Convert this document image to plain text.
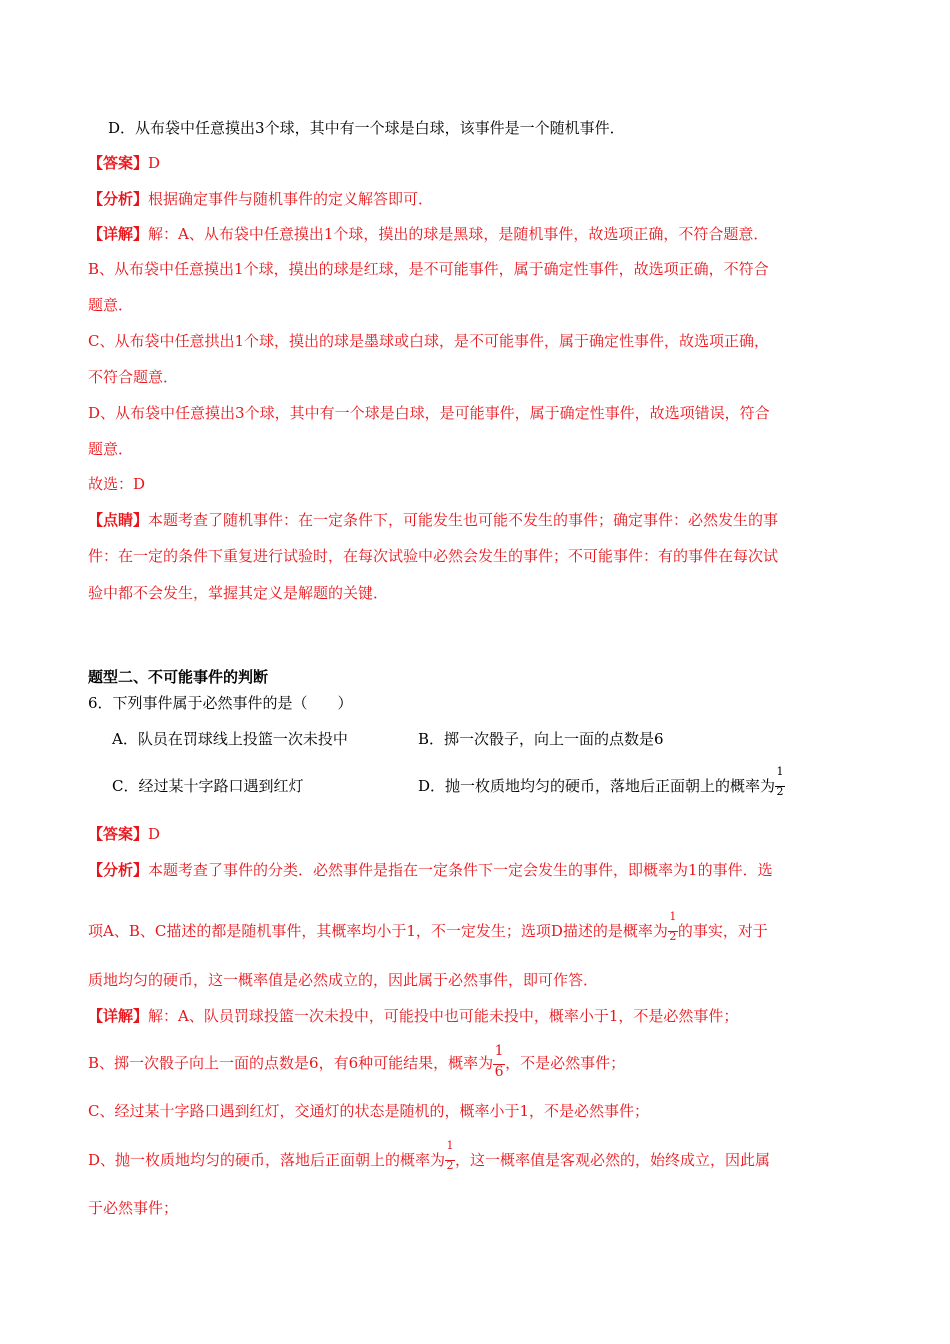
D．从布袋中任意摸出3个球，其中有一个球是白球，该事件是一个随机事件．
【答案】D
【分析】根据确定事件与随机事件的定义解答即可．
【详解】解：A、从布袋中任意摸出1个球，摸出的球是黑球，是随机事件，故选项正确，不符合题意．
B、从布袋中任意摸出1个球，摸出的球是红球，是不可能事件，属于确定性事件，故选项正确，不符合
题意．
C、从布袋中任意拱出1个球，摸出的球是墨球或白球，是不可能事件，属于确定性事件，故选项正确，
不符合题意．
D、从布袋中任意摸出3个球，其中有一个球是白球，是可能事件，属于确定性事件，故选项错误，符合
题意．
故选：D
【点睛】本题考查了随机事件：在一定条件下，可能发生也可能不发生的事件；确定事件：必然发生的事
件：在一定的条件下重复进行试验时，在每次试验中必然会发生的事件；不可能事件：有的事件在每次试
验中都不会发生，掌握其定义是解题的关键．
题型二、不可能事件的判断
6．下列事件属于必然事件的是（　　）
A．队员在罚球线上投篮一次未投中	B．掷一次骰子，向上一面的点数是6
C．经过某十字路口遇到红灯	D．抛一枚质地均匀的硬币，落地后正面朝上的概率为 $\frac{1}{2}$
【答案】D
【分析】本题考查了事件的分类．必然事件是指在一定条件下一定会发生的事件，即概率为1的事件．选
项A、B、C描述的都是随机事件，其概率均小于1，不一定发生；选项D描述的是概率为 $\frac{1}{2}$ 的事实，对于
质地均匀的硬币，这一概率值是必然成立的，因此属于必然事件，即可作答．
【详解】解：A、队员罚球投篮一次未投中，可能投中也可能未投中，概率小于1，不是必然事件；
B、掷一次骰子向上一面的点数是6，有6种可能结果，概率为 $\frac{1}{6}$ ，不是必然事件；
C、经过某十字路口遇到红灯，交通灯的状态是随机的，概率小于1，不是必然事件；
D、抛一枚质地均匀的硬币，落地后正面朝上的概率为 $\frac{1}{2}$ ，这一概率值是客观必然的，始终成立，因此属
于必然事件；
